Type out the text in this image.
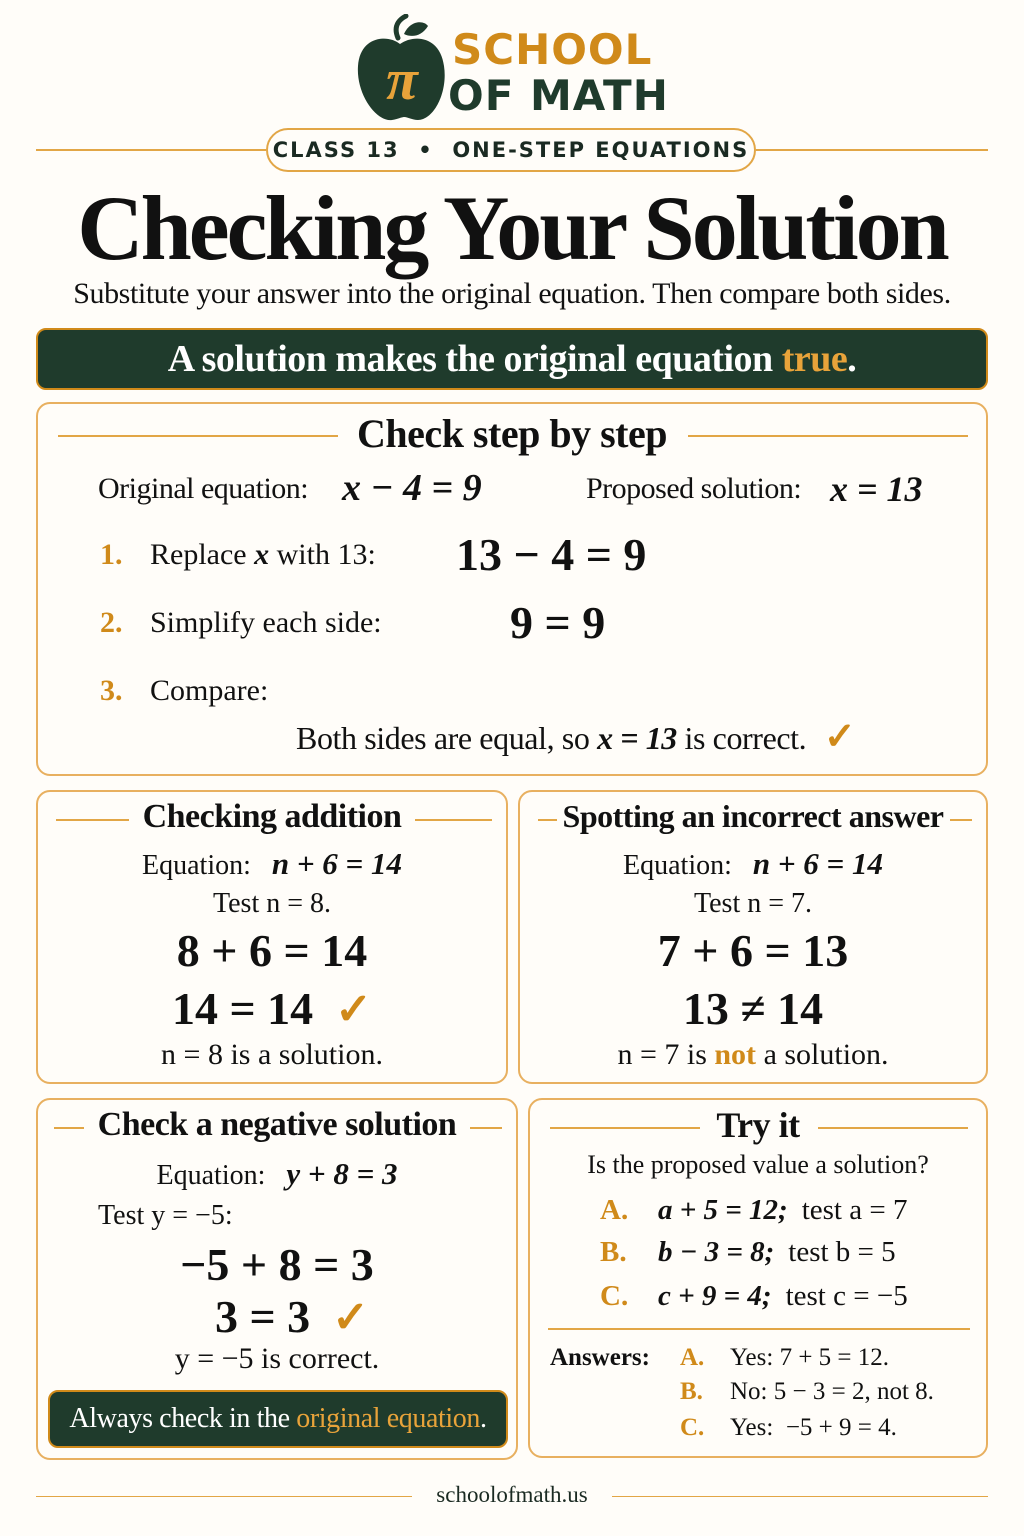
π SCHOOL
OF MATH
CLASS 13  •  ONE-STEP EQUATIONS
Checking Your Solution
Substitute your answer into the original equation. Then compare both sides.
A solution makes the original equation true.
Check step by step
Original equation: x − 4 = 9	Proposed solution: x = 13
1. Replace x with 13: 13 − 4 = 9
2. Simplify each side:	9 = 9
3. Compare:
Both sides are equal, so x = 13 is correct. ✓
Checking addition
Equation: n + 6 = 14
Test n = 8.
8 + 6 = 14
14 = 14 ✓
n = 8 is a solution.
Spotting an incorrect answer
Equation: n + 6 = 14
Test n = 7.
7 + 6 = 13
13 ≠ 14
n = 7 is not a solution.
Check a negative solution
Equation: y + 8 = 3
Test y = −5:
−5 + 8 = 3
3 = 3 ✓
y = −5 is correct.
Always check in the original equation.
Try it
Is the proposed value a solution?
A. a + 5 = 12; test a = 7
B. b − 3 = 8; test b = 5
C. c + 9 = 4; test c = −5
Answers: A. Yes: 7 + 5 = 12.
B. No: 5 − 3 = 2, not 8.
C. Yes:  −5 + 9 = 4.
schoolofmath.us
